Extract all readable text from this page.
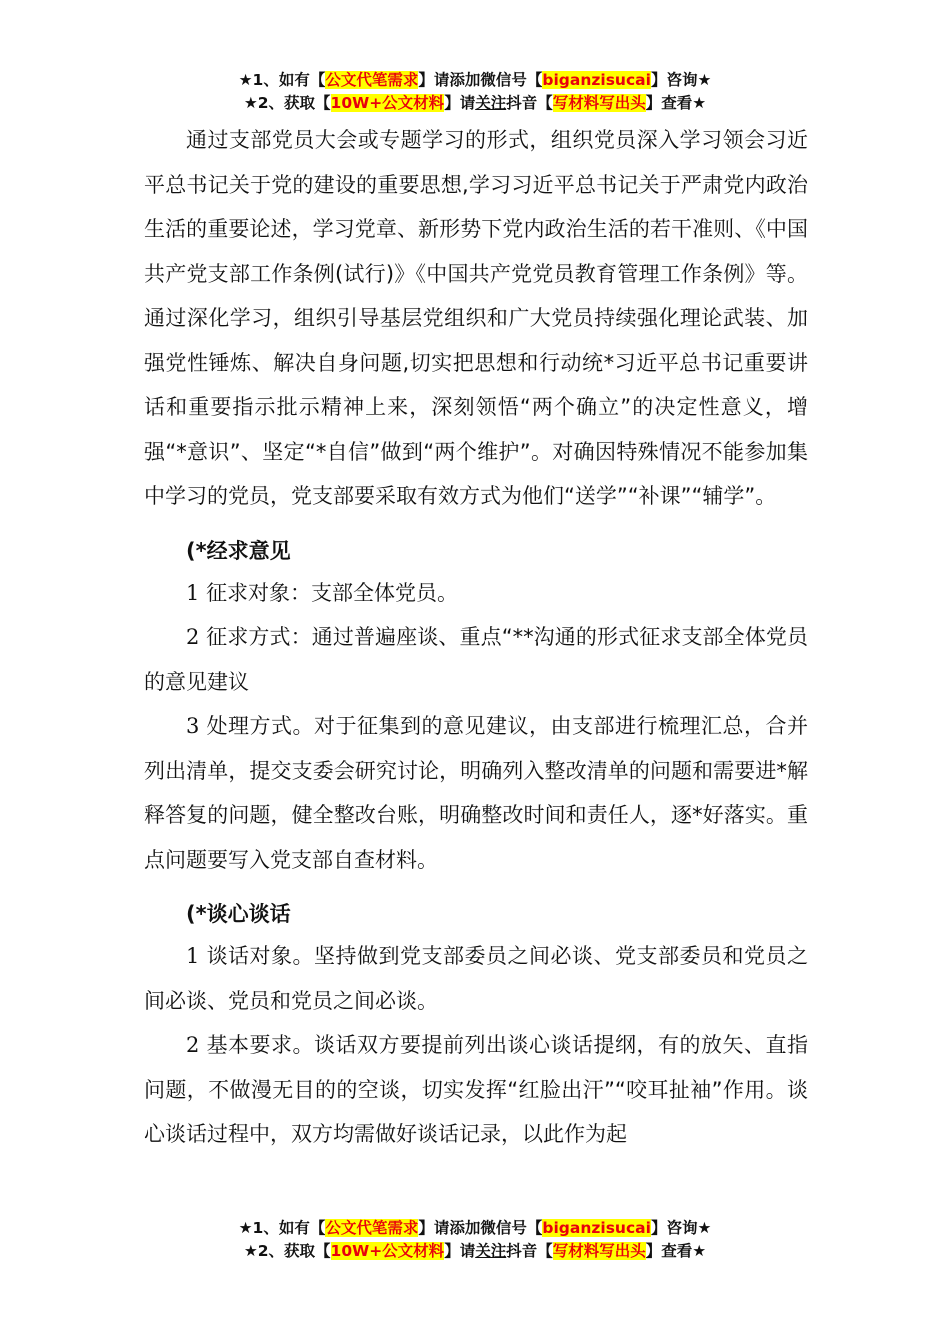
★1、如有【公文代笔需求】请添加微信号【biganzisucai】咨询★
★2、获取【10W+公文材料】请关注抖音【写材料写出头】查看★

通过支部党员大会或专题学习的形式，组织党员深入学习领会习近平总书记关于党的建设的重要思想,学习习近平总书记关于严肃党内政治生活的重要论述，学习党章、新形势下党内政治生活的若干准则、《中国共产党支部工作条例(试行)》《中国共产党党员教育管理工作条例》等。通过深化学习，组织引导基层党组织和广大党员持续强化理论武装、加强党性锤炼、解决自身问题,切实把思想和行动统*习近平总书记重要讲话和重要指示批示精神上来，深刻领悟“两个确立”的决定性意义，增强“*意识”、坚定“*自信”做到“两个维护”。对确因特殊情况不能参加集中学习的党员，党支部要采取有效方式为他们“送学”“补课”“辅学”。

(*经求意见

1 征求对象：支部全体党员。

2 征求方式：通过普遍座谈、重点“**沟通的形式征求支部全体党员的意见建议

3 处理方式。对于征集到的意见建议，由支部进行梳理汇总，合并列出清单，提交支委会研究讨论，明确列入整改清单的问题和需要进*解释答复的问题，健全整改台账，明确整改时间和责任人，逐*好落实。重点问题要写入党支部自查材料。

(*谈心谈话

1 谈话对象。坚持做到党支部委员之间必谈、党支部委员和党员之间必谈、党员和党员之间必谈。

2 基本要求。谈话双方要提前列出谈心谈话提纲，有的放矢、直指问题，不做漫无目的的空谈，切实发挥“红脸出汗”“咬耳扯袖”作用。谈心谈话过程中，双方均需做好谈话记录，以此作为起

★1、如有【公文代笔需求】请添加微信号【biganzisucai】咨询★
★2、获取【10W+公文材料】请关注抖音【写材料写出头】查看★
